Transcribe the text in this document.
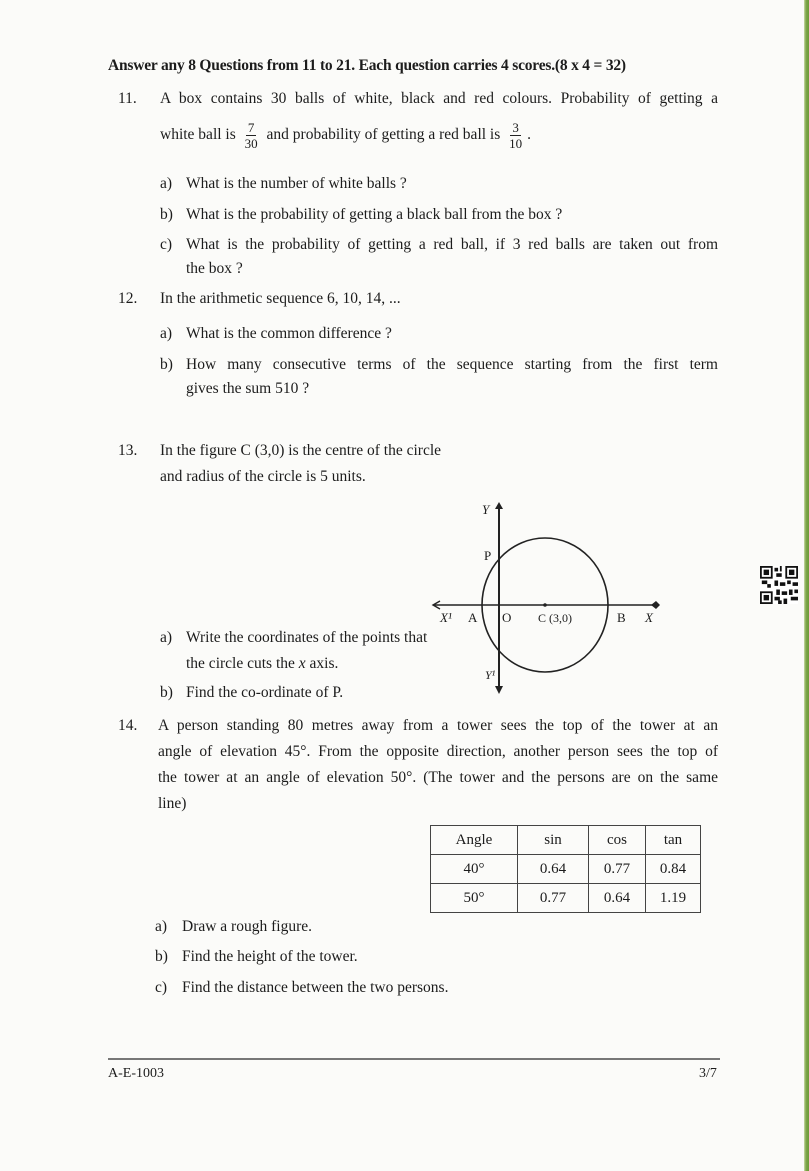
Answer any 8 Questions from 11 to 21. Each question carries 4 scores.(8 x 4 = 32)
11. A box contains 30 balls of white, black and red colours. Probability of getting a
white ball is $\frac{7}{30}$ and probability of getting a red ball is $\frac{3}{10}$ .
a) What is the number of white balls ?
b) What is the probability of getting a black ball from the box ?
c) What is the probability of getting a red ball, if 3 red balls are taken out from
the box ?
12. In the arithmetic sequence 6, 10, 14, ...
a) What is the common difference ?
b) How many consecutive terms of the sequence starting from the first term
gives the sum 510 ?
13. In the figure C (3,0) is the centre of the circle
and radius of the circle is 5 units.
Y
P
X¹ A O C (3,0)	B X
Y¹
a) Write the coordinates of the points that
the circle cuts the x axis.
b) Find the co-ordinate of P.
14. A person standing 80 metres away from a tower sees the top of the tower at an
angle of elevation 45°. From the opposite direction, another person sees the top of
the tower at an angle of elevation 50°. (The tower and the persons are on the same
line)
Angle	sin	cos	tan
40°	0.64	0.77	0.84
50°	0.77	0.64	1.19
a) Draw a rough figure.
b) Find the height of the tower.
c) Find the distance between the two persons.
A-E-1003	3/7
